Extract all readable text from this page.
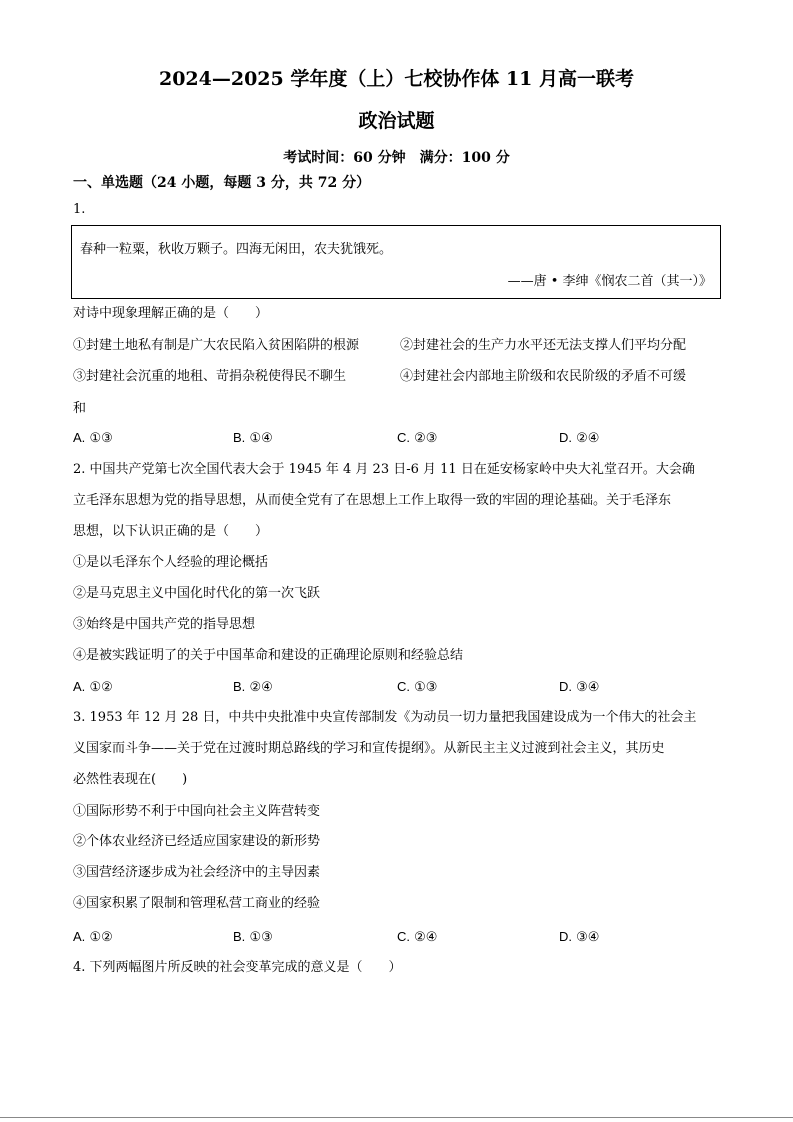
2024—2025 学年度（上）七校协作体 11 月高一联考
政治试题
考试时间：60 分钟　满分：100 分
一、单选题（24 小题，每题 3 分，共 72 分）
1.
春种一粒粟，秋收万颗子。四海无闲田，农夫犹饿死。
——唐 • 李绅《悯农二首（其一）》
对诗中现象理解正确的是（　　）
①封建土地私有制是广大农民陷入贫困陷阱的根源	②封建社会的生产力水平还无法支撑人们平均分配
③封建社会沉重的地租、苛捐杂税使得民不聊生	④封建社会内部地主阶级和农民阶级的矛盾不可缓
和
A. ①③	B. ①④	C. ②③	D. ②④
2. 中国共产党第七次全国代表大会于 1945 年 4 月 23 日-6 月 11 日在延安杨家岭中央大礼堂召开。大会确
立毛泽东思想为党的指导思想，从而使全党有了在思想上工作上取得一致的牢固的理论基础。关于毛泽东
思想，以下认识正确的是（　　）
①是以毛泽东个人经验的理论概括
②是马克思主义中国化时代化的第一次飞跃
③始终是中国共产党的指导思想
④是被实践证明了的关于中国革命和建设的正确理论原则和经验总结
A. ①②	B. ②④	C. ①③	D. ③④
3. 1953 年 12 月 28 日，中共中央批准中央宣传部制发《为动员一切力量把我国建设成为一个伟大的社会主
义国家而斗争——关于党在过渡时期总路线的学习和宣传提纲》。从新民主主义过渡到社会主义，其历史
必然性表现在(　　)
①国际形势不利于中国向社会主义阵营转变
②个体农业经济已经适应国家建设的新形势
③国营经济逐步成为社会经济中的主导因素
④国家积累了限制和管理私营工商业的经验
A. ①②	B. ①③	C. ②④	D. ③④
4. 下列两幅图片所反映的社会变革完成的意义是（　　）
